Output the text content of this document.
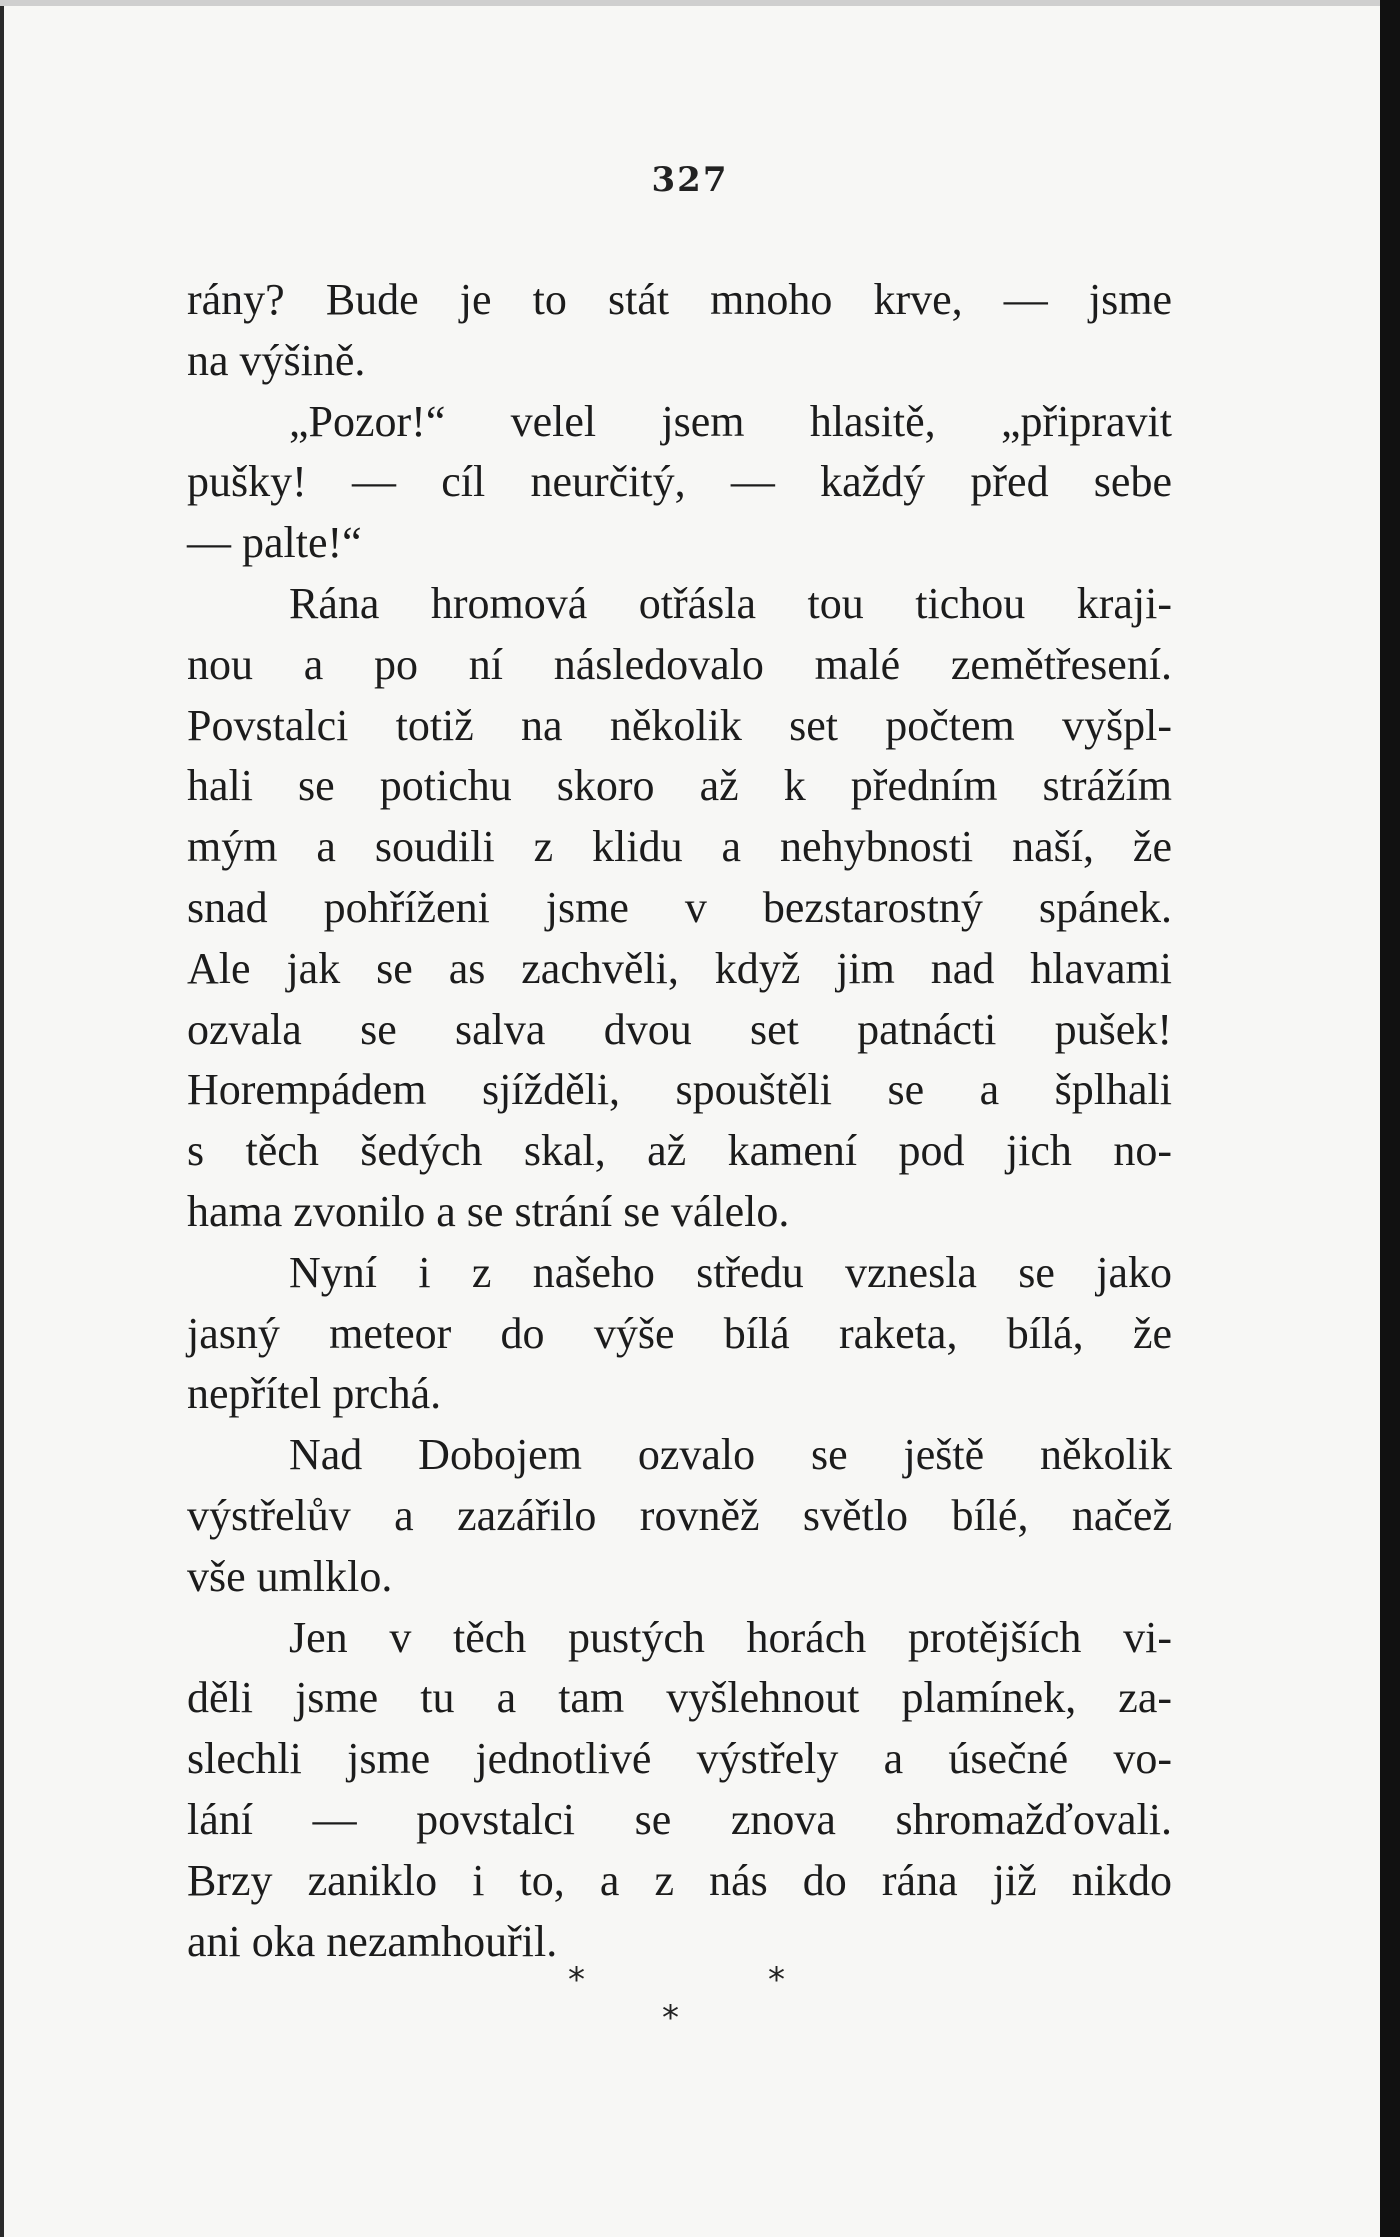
327
rány? Bude je to stát mnoho krve, — jsme
na výšině.
„Pozor!“ velel jsem hlasitě, „připravit
pušky! — cíl neurčitý, — každý před sebe
— palte!“
Rána hromová otřásla tou tichou kraji-
nou a po ní následovalo malé zemětřesení.
Povstalci totiž na několik set počtem vyšpl-
hali se potichu skoro až k předním strážím
mým a soudili z klidu a nehybnosti naší, že
snad pohříženi jsme v bezstarostný spánek.
Ale jak se as zachvěli, když jim nad hlavami
ozvala se salva dvou set patnácti pušek!
Horempádem sjížděli, spouštěli se a šplhali
s těch šedých skal, až kamení pod jich no-
hama zvonilo a se strání se válelo.
Nyní i z našeho středu vznesla se jako
jasný meteor do výše bílá raketa, bílá, že
nepřítel prchá.
Nad Dobojem ozvalo se ještě několik
výstřelův a zazářilo rovněž světlo bílé, načež
vše umlklo.
Jen v těch pustých horách protějších vi-
děli jsme tu a tam vyšlehnout plamínek, za-
slechli jsme jednotlivé výstřely a úsečné vo-
lání — povstalci se znova shromažďovali.
Brzy zaniklo i to, a z nás do rána již nikdo
ani oka nezamhouřil.
*	*
*
